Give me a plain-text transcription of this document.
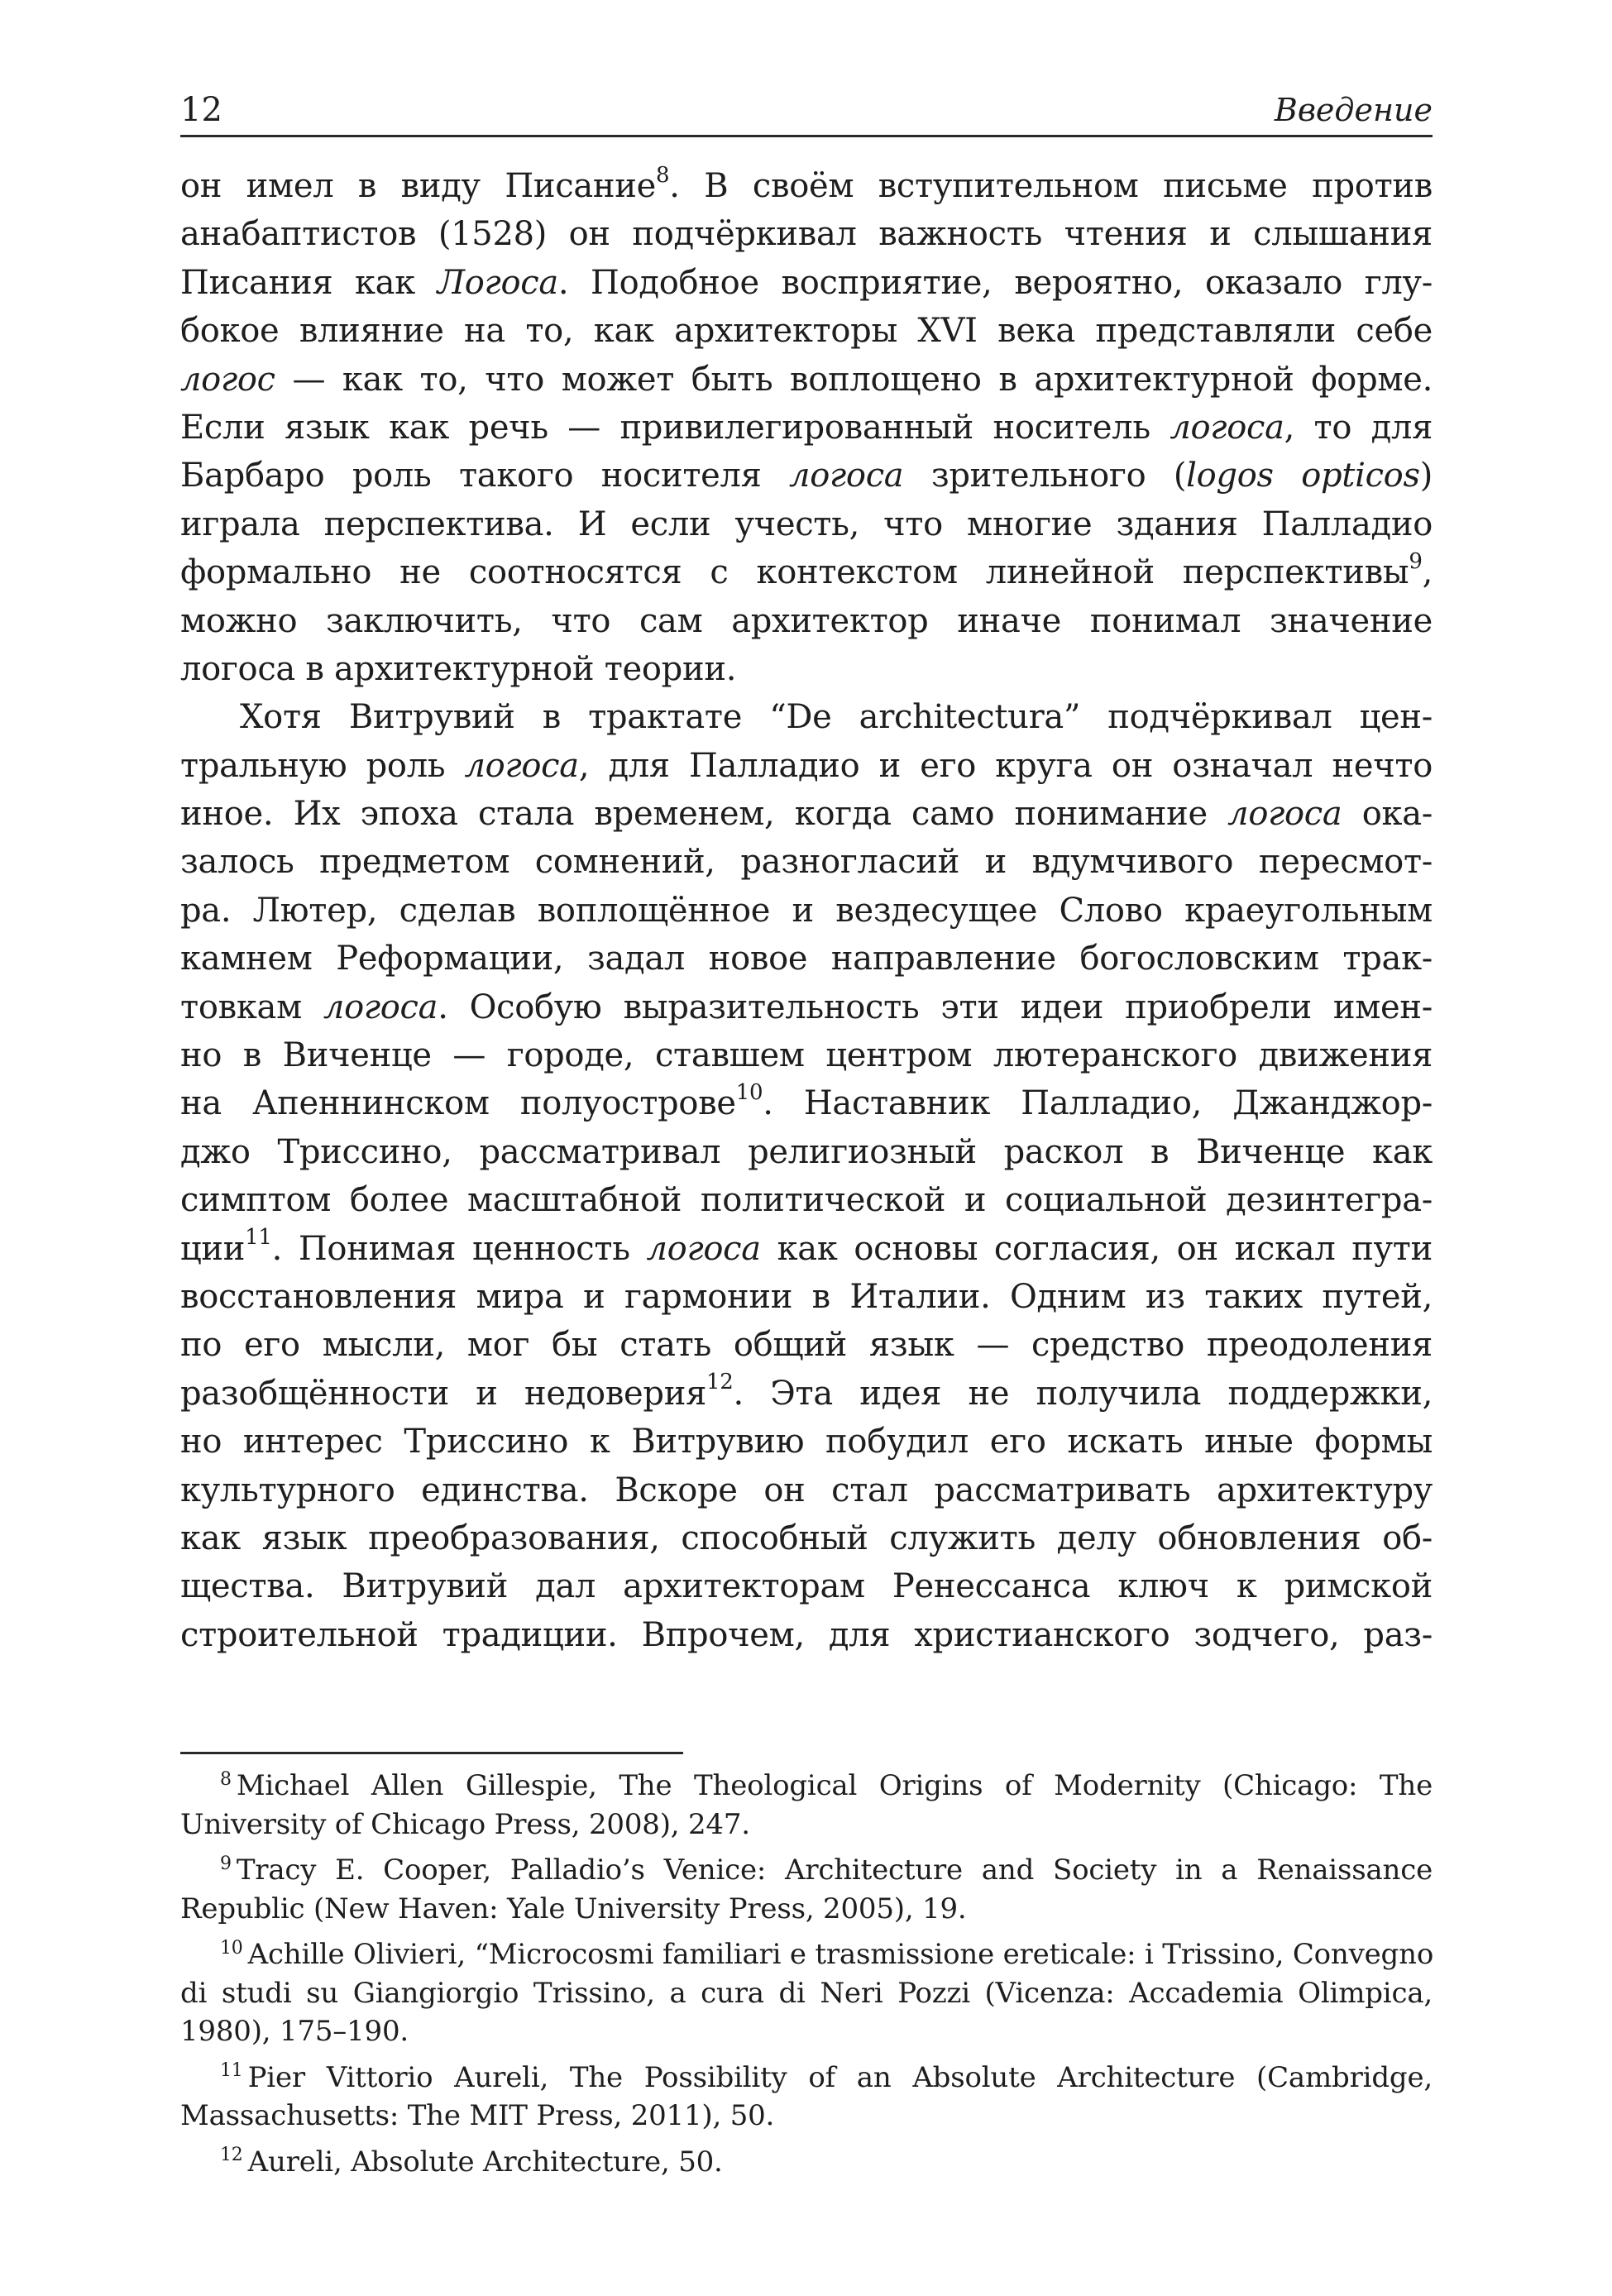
12	Введение
он имел в виду Писание$^8$. В своём вступительном письме против
анабаптистов (1528) он подчёркивал важность чтения и слышания
Писания как Логоса. Подобное восприятие, вероятно, оказало глу-
бокое влияние на то, как архитекторы XVI века представляли себе
логос — как то, что может быть воплощено в архитектурной форме.
Если язык как речь — привилегированный носитель логоса, то для
Барбаро роль такого носителя логоса зрительного (logos opticos)
играла перспектива. И если учесть, что многие здания Палладио
формально не соотносятся с контекстом линейной перспективы$^9$,
можно заключить, что сам архитектор иначе понимал значение
логоса в архитектурной теории.
Хотя Витрувий в трактате “De architectura” подчёркивал цен-
тральную роль логоса, для Палладио и его круга он означал нечто
иное. Их эпоха стала временем, когда само понимание логоса ока-
залось предметом сомнений, разногласий и вдумчивого пересмот-
ра. Лютер, сделав воплощённое и вездесущее Слово краеугольным
камнем Реформации, задал новое направление богословским трак-
товкам логоса. Особую выразительность эти идеи приобрели имен-
но в Виченце — городе, ставшем центром лютеранского движения
на Апеннинском полуострове$^{10}$. Наставник Палладио, Джанджор-
джо Триссино, рассматривал религиозный раскол в Виченце как
симптом более масштабной политической и социальной дезинтегра-
ции$^{11}$. Понимая ценность логоса как основы согласия, он искал пути
восстановления мира и гармонии в Италии. Одним из таких путей,
по его мысли, мог бы стать общий язык — средство преодоления
разобщённости и недоверия$^{12}$. Эта идея не получила поддержки,
но интерес Триссино к Витрувию побудил его искать иные формы
культурного единства. Вскоре он стал рассматривать архитектуру
как язык преобразования, способный служить делу обновления об-
щества. Витрувий дал архитекторам Ренессанса ключ к римской
строительной традиции. Впрочем, для христианского зодчего, раз-
$^8$ Michael Allen Gillespie, The Theological Origins of Modernity (Chicago: The
University of Chicago Press, 2008), 247.
$^9$ Tracy E. Cooper, Palladio’s Venice: Architecture and Society in a Renaissance
Republic (New Haven: Yale University Press, 2005), 19.
$^{10}$ Achille Olivieri, “Microcosmi familiari e trasmissione ereticale: i Trissino, Convegno
di studi su Giangiorgio Trissino, a cura di Neri Pozzi (Vicenza: Accademia Olimpica,
1980), 175–190.
$^{11}$ Pier Vittorio Aureli, The Possibility of an Absolute Architecture (Cambridge,
Massachusetts: The MIT Press, 2011), 50.
$^{12}$ Aureli, Absolute Architecture, 50.
